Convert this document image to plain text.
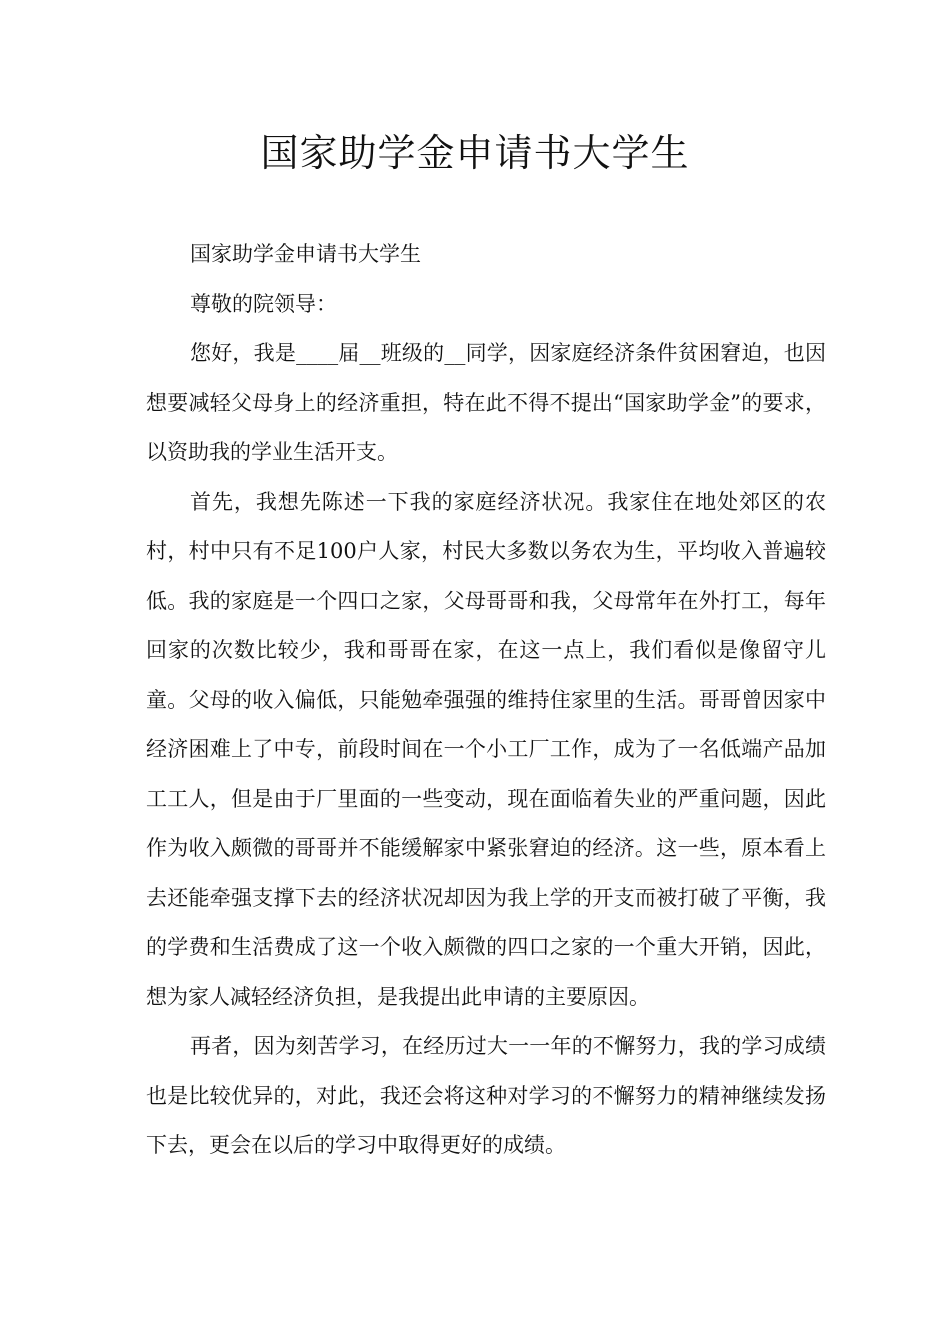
国家助学金申请书大学生

国家助学金申请书大学生

尊敬的院领导：

您好，我是____届__班级的__同学，因家庭经济条件贫困窘迫，也因想要减轻父母身上的经济重担，特在此不得不提出“国家助学金”的要求，以资助我的学业生活开支。

首先，我想先陈述一下我的家庭经济状况。我家住在地处郊区的农村，村中只有不足100户人家，村民大多数以务农为生，平均收入普遍较低。我的家庭是一个四口之家，父母哥哥和我，父母常年在外打工，每年回家的次数比较少，我和哥哥在家，在这一点上，我们看似是像留守儿童。父母的收入偏低，只能勉牵强强的维持住家里的生活。哥哥曾因家中经济困难上了中专，前段时间在一个小工厂工作，成为了一名低端产品加工工人，但是由于厂里面的一些变动，现在面临着失业的严重问题，因此作为收入颇微的哥哥并不能缓解家中紧张窘迫的经济。这一些，原本看上去还能牵强支撑下去的经济状况却因为我上学的开支而被打破了平衡，我的学费和生活费成了这一个收入颇微的四口之家的一个重大开销，因此，想为家人减轻经济负担，是我提出此申请的主要原因。

再者，因为刻苦学习，在经历过大一一年的不懈努力，我的学习成绩也是比较优异的，对此，我还会将这种对学习的不懈努力的精神继续发扬下去，更会在以后的学习中取得更好的成绩。
